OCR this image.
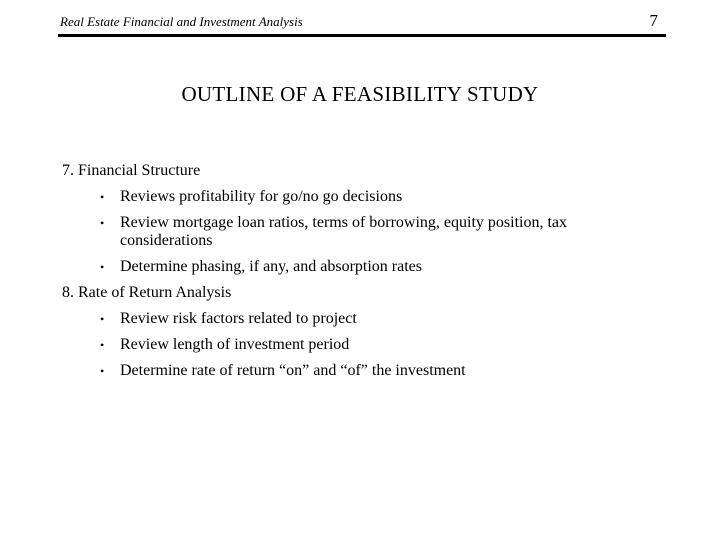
Real Estate Financial and Investment Analysis	7
OUTLINE OF A FEASIBILITY STUDY
7. Financial Structure
• Reviews profitability for go/no go decisions
• Review mortgage loan ratios, terms of borrowing, equity position, tax considerations
• Determine phasing, if any, and absorption rates
8. Rate of Return Analysis
• Review risk factors related to project
• Review length of investment period
• Determine rate of return “on” and “of” the investment
